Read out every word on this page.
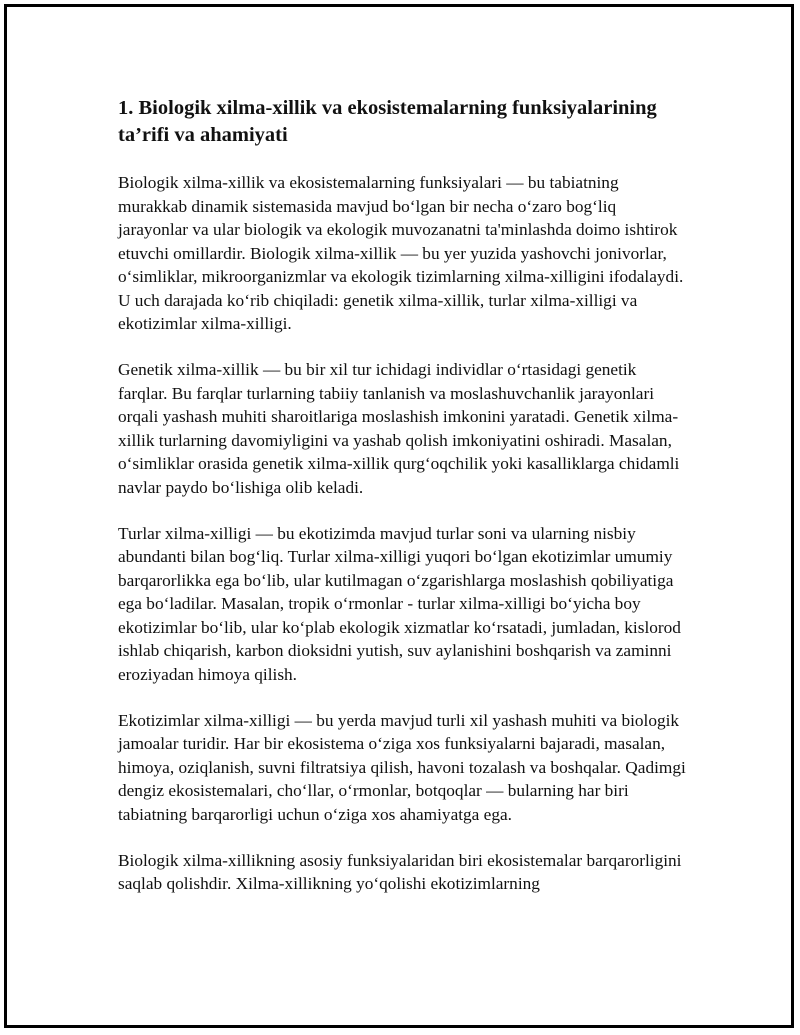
1. Biologik xilma-xillik va ekosistemalarning funksiyalarining ta’rifi va ahamiyati

Biologik xilma-xillik va ekosistemalarning funksiyalari — bu tabiatning murakkab dinamik sistemasida mavjud bo‘lgan bir necha o‘zaro bog‘liq jarayonlar va ular biologik va ekologik muvozanatni ta'minlashda doimo ishtirok etuvchi omillardir. Biologik xilma-xillik — bu yer yuzida yashovchi jonivorlar, o‘simliklar, mikroorganizmlar va ekologik tizimlarning xilma-xilligini ifodalaydi. U uch darajada ko‘rib chiqiladi: genetik xilma-xillik, turlar xilma-xilligi va ekotizimlar xilma-xilligi.

Genetik xilma-xillik — bu bir xil tur ichidagi individlar o‘rtasidagi genetik farqlar. Bu farqlar turlarning tabiiy tanlanish va moslashuvchanlik jarayonlari orqali yashash muhiti sharoitlariga moslashish imkonini yaratadi. Genetik xilma-xillik turlarning davomiyligini va yashab qolish imkoniyatini oshiradi. Masalan, o‘simliklar orasida genetik xilma-xillik qurg‘oqchilik yoki kasalliklarga chidamli navlar paydo bo‘lishiga olib keladi.

Turlar xilma-xilligi — bu ekotizimda mavjud turlar soni va ularning nisbiy abundanti bilan bog‘liq. Turlar xilma-xilligi yuqori bo‘lgan ekotizimlar umumiy barqarorlikka ega bo‘lib, ular kutilmagan o‘zgarishlarga moslashish qobiliyatiga ega bo‘ladilar. Masalan, tropik o‘rmonlar - turlar xilma-xilligi bo‘yicha boy ekotizimlar bo‘lib, ular ko‘plab ekologik xizmatlar ko‘rsatadi, jumladan, kislorod ishlab chiqarish, karbon dioksidni yutish, suv aylanishini boshqarish va zaminni eroziyadan himoya qilish.

Ekotizimlar xilma-xilligi — bu yerda mavjud turli xil yashash muhiti va biologik jamoalar turidir. Har bir ekosistema o‘ziga xos funksiyalarni bajaradi, masalan, himoya, oziqlanish, suvni filtratsiya qilish, havoni tozalash va boshqalar. Qadimgi dengiz ekosistemalari, cho‘llar, o‘rmonlar, botqoqlar — bularning har biri tabiatning barqarorligi uchun o‘ziga xos ahamiyatga ega.

Biologik xilma-xillikning asosiy funksiyalaridan biri ekosistemalar barqarorligini saqlab qolishdir. Xilma-xillikning yo‘qolishi ekotizimlarning
